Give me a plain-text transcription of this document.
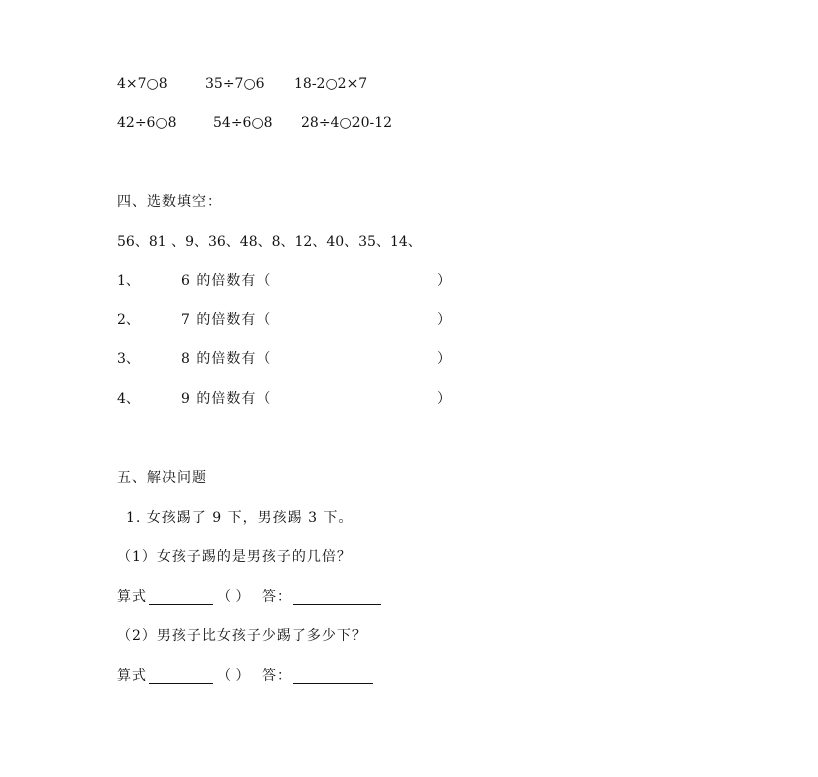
4×7○8	35÷7○6 18-2○2×7
42÷6○8	54÷6○8 28÷4○20-12
四、选数填空：
56、81 、9、36、48、8、12、40、35、14、
1、	6 的倍数有（	）
2、	7 的倍数有（	）
3、	8 的倍数有（	）
4、	9 的倍数有（	）
五、解决问题
1. 女孩踢了 9 下，男孩踢 3 下。
（1）女孩子踢的是男孩子的几倍？
算式	（ ） 答：
（2）男孩子比女孩子少踢了多少下？
算式	（ ） 答：
